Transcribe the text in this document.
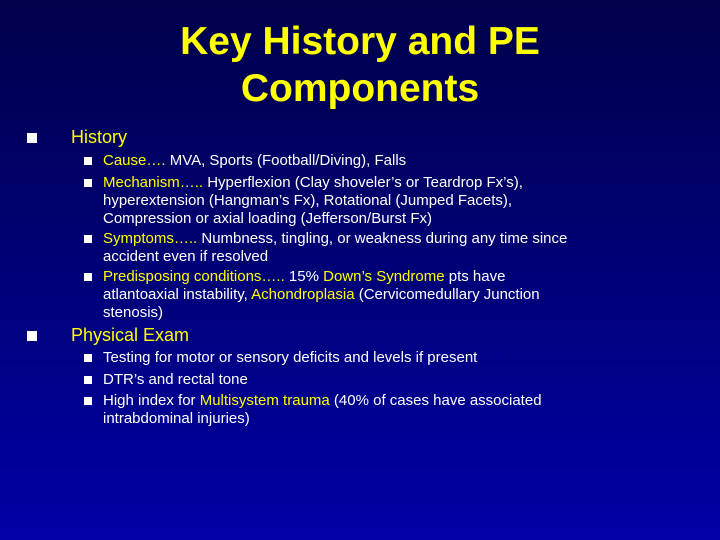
Key History and PE
Components
History
Cause…. MVA, Sports (Football/Diving), Falls
Mechanism….. Hyperflexion (Clay shoveler’s or Teardrop Fx’s),
hyperextension (Hangman’s Fx), Rotational (Jumped Facets),
Compression or axial loading (Jefferson/Burst Fx)
Symptoms….. Numbness, tingling, or weakness during any time since
accident even if resolved
Predisposing conditions….. 15% Down’s Syndrome pts have
atlantoaxial instability, Achondroplasia (Cervicomedullary Junction
stenosis)
Physical Exam
Testing for motor or sensory deficits and levels if present
DTR’s and rectal tone
High index for Multisystem trauma (40% of cases have associated
intrabdominal injuries)
